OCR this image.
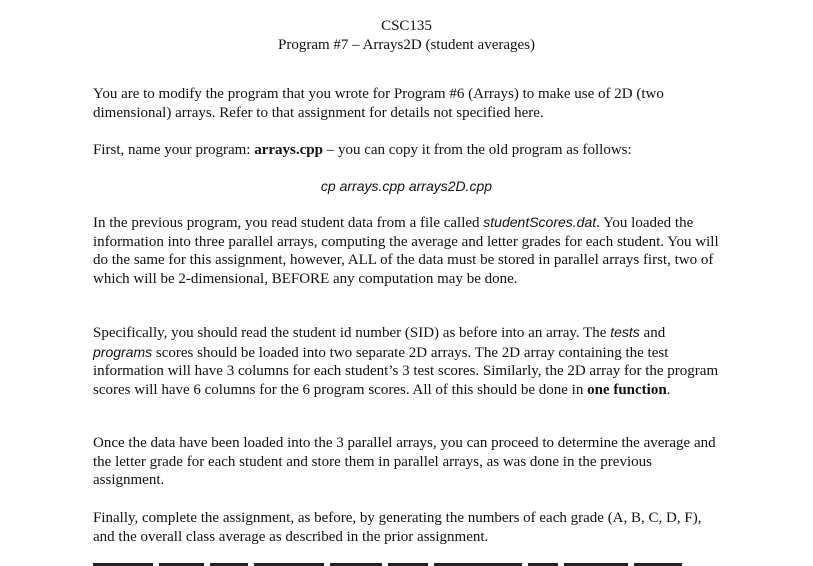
CSC135
Program #7 – Arrays2D (student averages)

You are to modify the program that you wrote for Program #6 (Arrays) to make use of 2D (two dimensional) arrays. Refer to that assignment for details not specified here.

First, name your program: arrays.cpp – you can copy it from the old program as follows:

cp arrays.cpp arrays2D.cpp

In the previous program, you read student data from a file called studentScores.dat. You loaded the information into three parallel arrays, computing the average and letter grades for each student. You will do the same for this assignment, however, ALL of the data must be stored in parallel arrays first, two of which will be 2-dimensional, BEFORE any computation may be done.

Specifically, you should read the student id number (SID) as before into an array. The tests and programs scores should be loaded into two separate 2D arrays. The 2D array containing the test information will have 3 columns for each student’s 3 test scores. Similarly, the 2D array for the program scores will have 6 columns for the 6 program scores. All of this should be done in one function.

Once the data have been loaded into the 3 parallel arrays, you can proceed to determine the average and the letter grade for each student and store them in parallel arrays, as was done in the previous assignment.

Finally, complete the assignment, as before, by generating the numbers of each grade (A, B, C, D, F), and the overall class average as described in the prior assignment.
